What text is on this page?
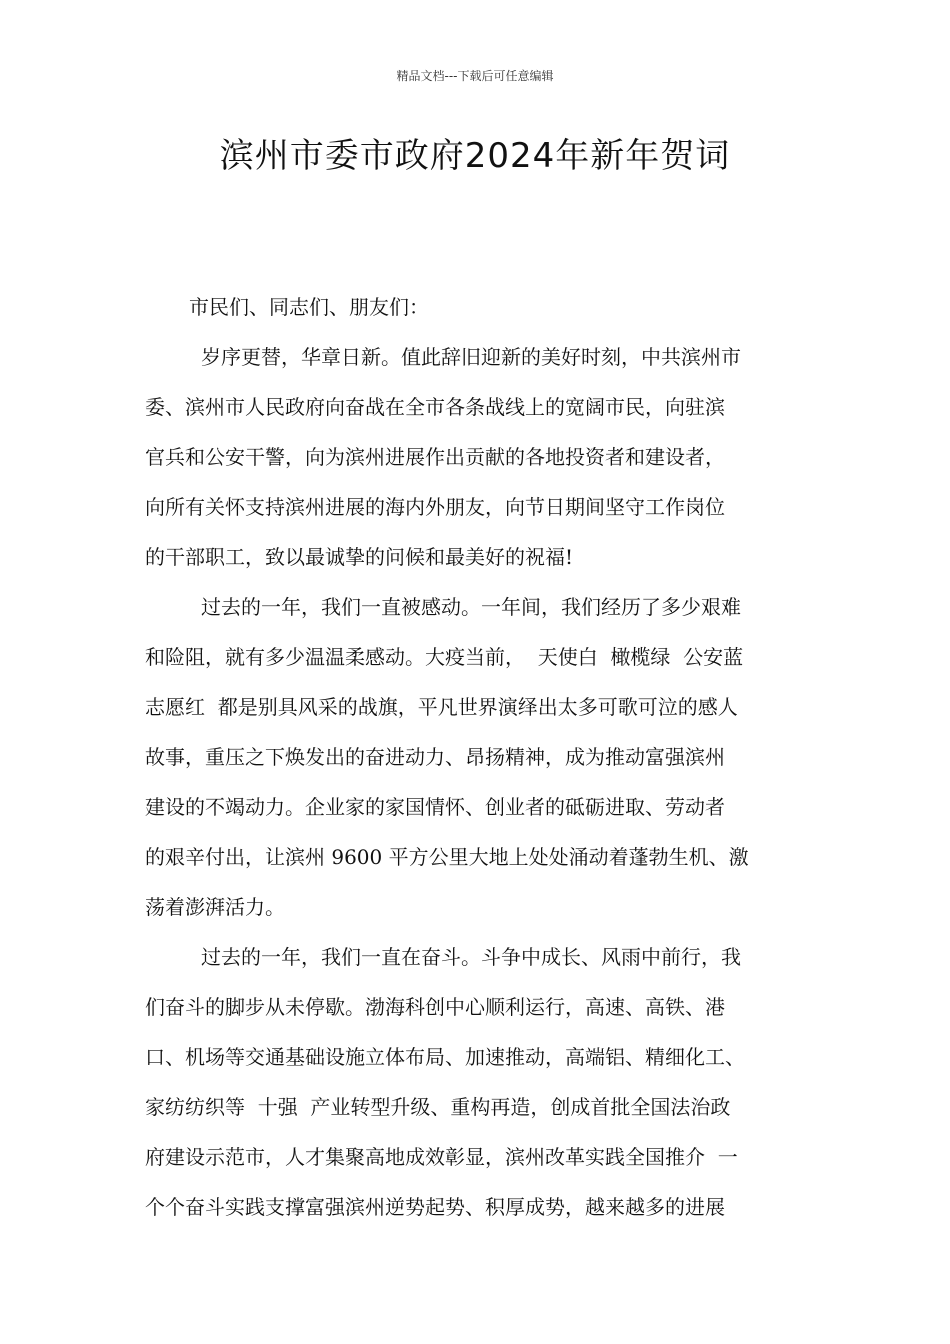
精品文档---下载后可任意编辑
滨州市委市政府2024年新年贺词
市民们、同志们、朋友们：
岁序更替，华章日新。值此辞旧迎新的美好时刻，中共滨州市
委、滨州市人民政府向奋战在全市各条战线上的宽阔市民，向驻滨
官兵和公安干警，向为滨州进展作出贡献的各地投资者和建设者，
向所有关怀支持滨州进展的海内外朋友，向节日期间坚守工作岗位
的干部职工，致以最诚挚的问候和最美好的祝福!
过去的一年，我们一直被感动。一年间，我们经历了多少艰难
和险阻，就有多少温温柔感动。大疫当前，  天使白  橄榄绿  公安蓝
志愿红  都是别具风采的战旗，平凡世界演绎出太多可歌可泣的感人
故事，重压之下焕发出的奋进动力、昂扬精神，成为推动富强滨州
建设的不竭动力。企业家的家国情怀、创业者的砥砺进取、劳动者
的艰辛付出，让滨州 9600 平方公里大地上处处涌动着蓬勃生机、激
荡着澎湃活力。
过去的一年，我们一直在奋斗。斗争中成长、风雨中前行，我
们奋斗的脚步从未停歇。渤海科创中心顺利运行，高速、高铁、港
口、机场等交通基础设施立体布局、加速推动，高端铝、精细化工、
家纺纺织等  十强  产业转型升级、重构再造，创成首批全国法治政
府建设示范市，人才集聚高地成效彰显，滨州改革实践全国推介  一
个个奋斗实践支撑富强滨州逆势起势、积厚成势，越来越多的进展
